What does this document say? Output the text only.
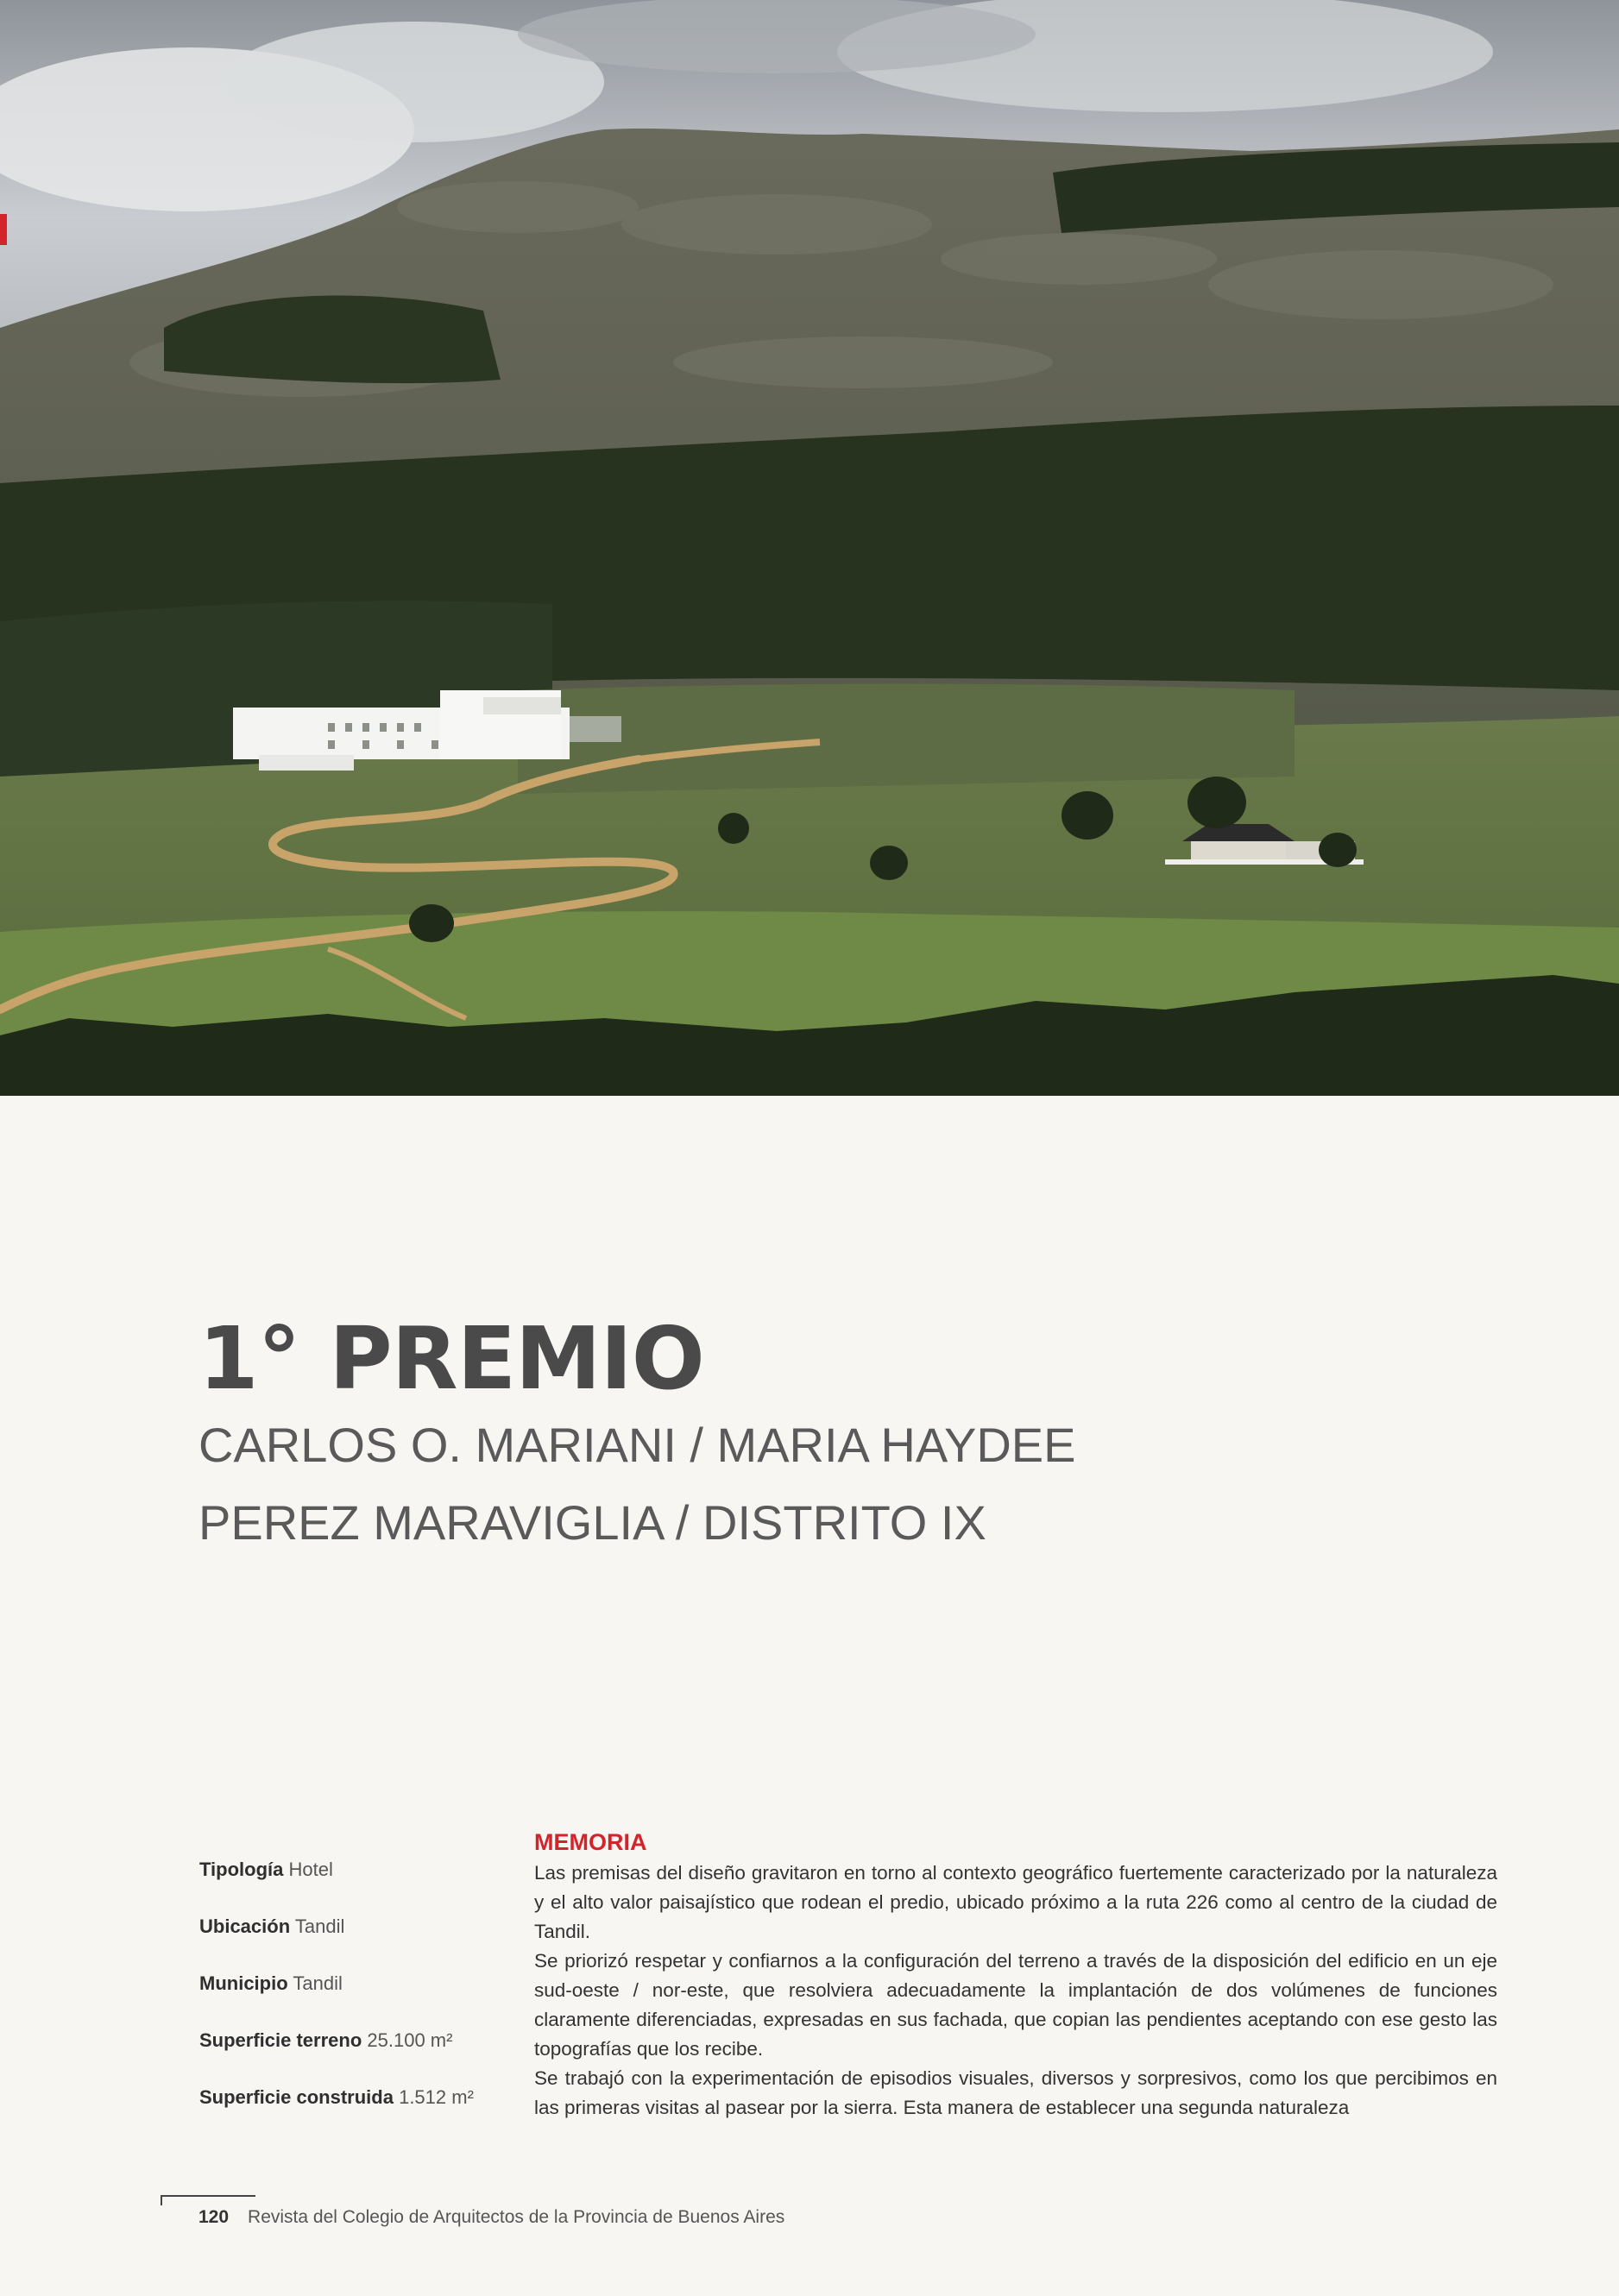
1° PREMIO
CARLOS O. MARIANI / MARIA HAYDEE
PEREZ MARAVIGLIA / DISTRITO IX
Tipología Hotel
Ubicación Tandil
Municipio Tandil
Superficie terreno 25.100 m²
Superficie construida 1.512 m²
MEMORIA

Las premisas del diseño gravitaron en torno al contexto geográfico fuertemente caracterizado por la naturaleza y el alto valor paisajístico que rodean el predio, ubicado próximo a la ruta 226 como al centro de la ciudad de Tandil.

Se priorizó respetar y confiarnos a la configuración del terreno a través de la disposición del edificio en un eje sud-oeste / nor-este, que resolviera adecuadamente la implantación de dos volúmenes de funciones claramente diferenciadas, expresadas en sus fachada, que copian las pendientes aceptando con ese gesto las topografías que los recibe.

Se trabajó con la experimentación de episodios visuales, diversos y sorpresivos, como los que percibimos en las primeras visitas al pasear por la sierra. Esta manera de establecer una segunda naturaleza

120 Revista del Colegio de Arquitectos de la Provincia de Buenos Aires
